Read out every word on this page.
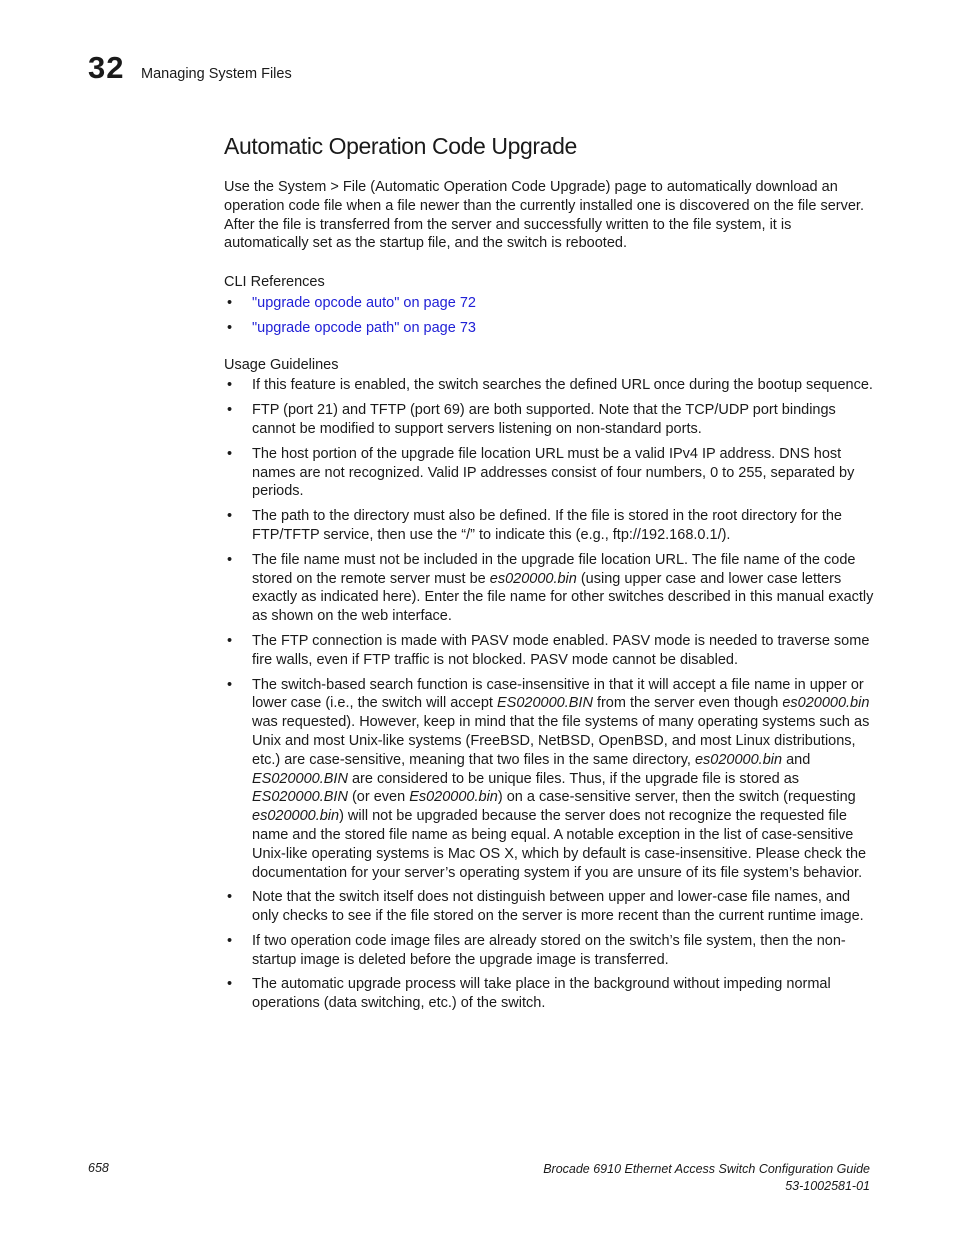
32 Managing System Files
Automatic Operation Code Upgrade

Use the System > File (Automatic Operation Code Upgrade) page to automatically download an operation code file when a file newer than the currently installed one is discovered on the file server. After the file is transferred from the server and successfully written to the file system, it is automatically set as the startup file, and the switch is rebooted.

CLI References
• "upgrade opcode auto" on page 72
• "upgrade opcode path" on page 73
Usage Guidelines
• If this feature is enabled, the switch searches the defined URL once during the bootup sequence.
• FTP (port 21) and TFTP (port 69) are both supported. Note that the TCP/UDP port bindings cannot be modified to support servers listening on non-standard ports.
• The host portion of the upgrade file location URL must be a valid IPv4 IP address. DNS host names are not recognized. Valid IP addresses consist of four numbers, 0 to 255, separated by periods.
• The path to the directory must also be defined. If the file is stored in the root directory for the FTP/TFTP service, then use the “/” to indicate this (e.g., ftp://192.168.0.1/).
• The file name must not be included in the upgrade file location URL. The file name of the code stored on the remote server must be es020000.bin (using upper case and lower case letters exactly as indicated here). Enter the file name for other switches described in this manual exactly as shown on the web interface.
• The FTP connection is made with PASV mode enabled. PASV mode is needed to traverse some fire walls, even if FTP traffic is not blocked. PASV mode cannot be disabled.
• The switch-based search function is case-insensitive in that it will accept a file name in upper or lower case (i.e., the switch will accept ES020000.BIN from the server even though es020000.bin was requested). However, keep in mind that the file systems of many operating systems such as Unix and most Unix-like systems (FreeBSD, NetBSD, OpenBSD, and most Linux distributions, etc.) are case-sensitive, meaning that two files in the same directory, es020000.bin and ES020000.BIN are considered to be unique files. Thus, if the upgrade file is stored as ES020000.BIN (or even Es020000.bin) on a case-sensitive server, then the switch (requesting es020000.bin) will not be upgraded because the server does not recognize the requested file name and the stored file name as being equal. A notable exception in the list of case-sensitive Unix-like operating systems is Mac OS X, which by default is case-insensitive. Please check the documentation for your server’s operating system if you are unsure of its file system’s behavior.
• Note that the switch itself does not distinguish between upper and lower-case file names, and only checks to see if the file stored on the server is more recent than the current runtime image.
• If two operation code image files are already stored on the switch’s file system, then the non-startup image is deleted before the upgrade image is transferred.
• The automatic upgrade process will take place in the background without impeding normal operations (data switching, etc.) of the switch.
658	Brocade 6910 Ethernet Access Switch Configuration Guide
53-1002581-01
